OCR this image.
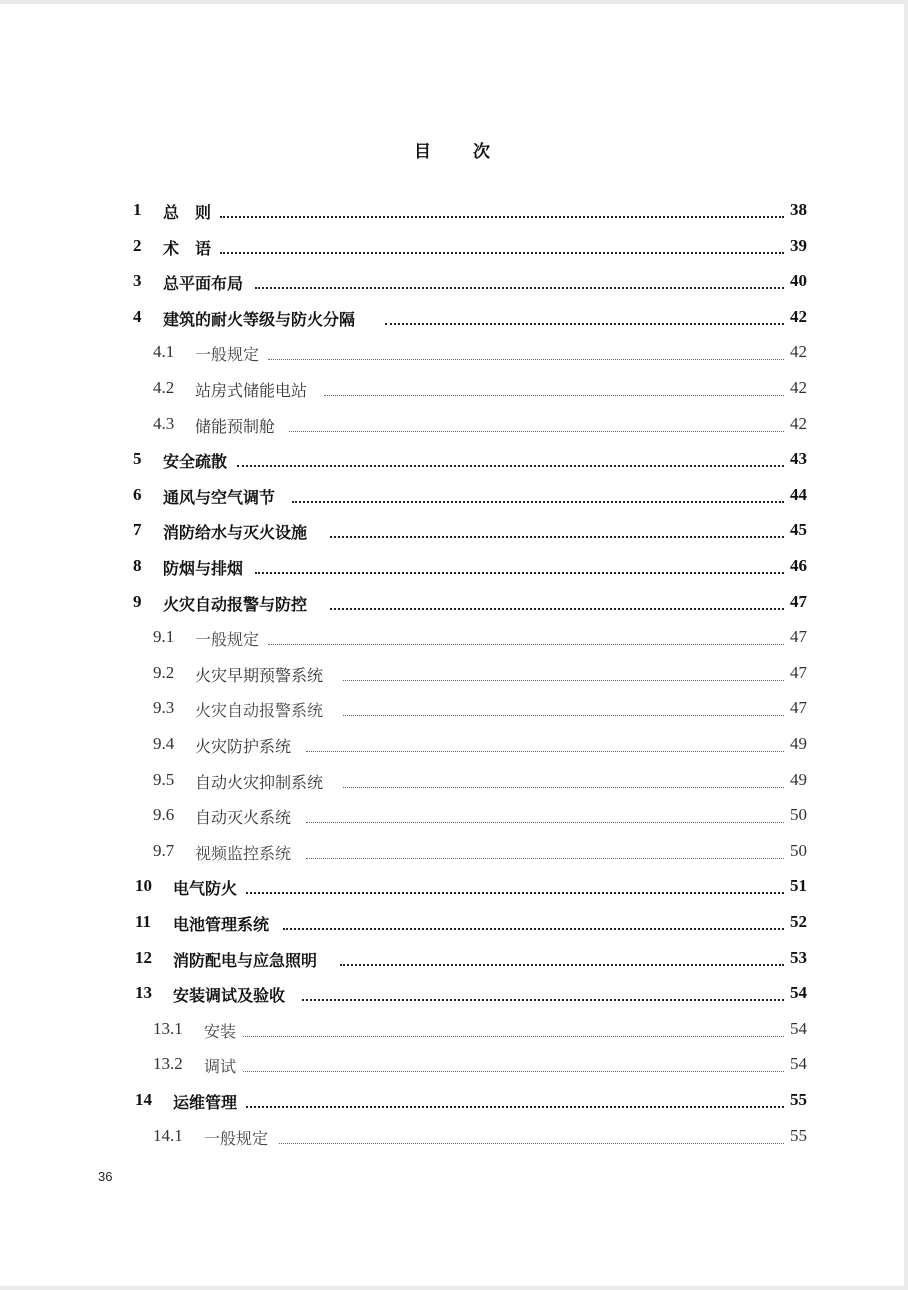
目 次
1 总　则	38
2 术　语	39
3 总平面布局	40
4 建筑的耐火等级与防火分隔	42
4.1 一般规定	42
4.2 站房式储能电站	42
4.3 储能预制舱	42
5 安全疏散	43
6 通风与空气调节	44
7 消防给水与灭火设施	45
8 防烟与排烟	46
9 火灾自动报警与防控	47
9.1 一般规定	47
9.2 火灾早期预警系统	47
9.3 火灾自动报警系统	47
9.4 火灾防护系统	49
9.5 自动火灾抑制系统	49
9.6 自动灭火系统	50
9.7 视频监控系统	50
10 电气防火	51
11 电池管理系统	52
12 消防配电与应急照明	53
13 安装调试及验收	54
13.1 安装	54
13.2 调试	54
14 运维管理	55
14.1 一般规定	55
36
